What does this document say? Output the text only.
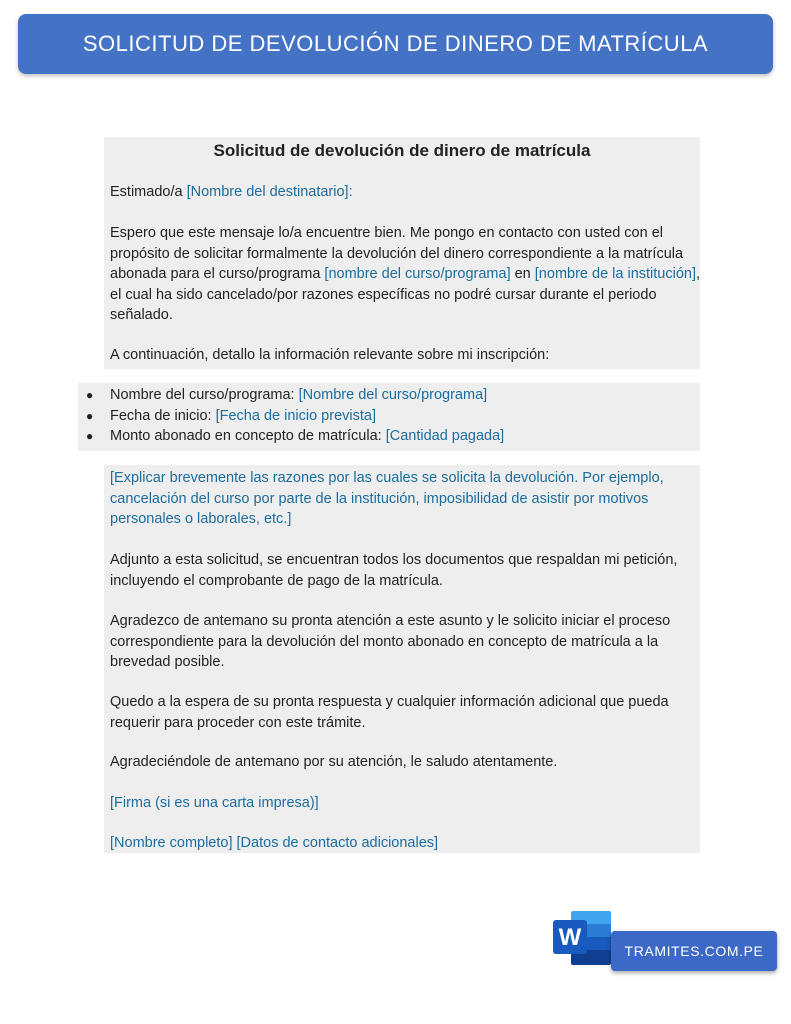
SOLICITUD DE DEVOLUCIÓN DE DINERO DE MATRÍCULA
Solicitud de devolución de dinero de matrícula

Estimado/a [Nombre del destinatario]:

Espero que este mensaje lo/a encuentre bien. Me pongo en contacto con usted con el propósito de solicitar formalmente la devolución del dinero correspondiente a la matrícula abonada para el curso/programa [nombre del curso/programa] en [nombre de la institución], el cual ha sido cancelado/por razones específicas no podré cursar durante el periodo señalado.

A continuación, detallo la información relevante sobre mi inscripción:

● Nombre del curso/programa: [Nombre del curso/programa]
● Fecha de inicio: [Fecha de inicio prevista]
● Monto abonado en concepto de matrícula: [Cantidad pagada]

[Explicar brevemente las razones por las cuales se solicita la devolución. Por ejemplo, cancelación del curso por parte de la institución, imposibilidad de asistir por motivos personales o laborales, etc.]

Adjunto a esta solicitud, se encuentran todos los documentos que respaldan mi petición, incluyendo el comprobante de pago de la matrícula.

Agradezco de antemano su pronta atención a este asunto y le solicito iniciar el proceso correspondiente para la devolución del monto abonado en concepto de matrícula a la brevedad posible.

Quedo a la espera de su pronta respuesta y cualquier información adicional que pueda requerir para proceder con este trámite.

Agradeciéndole de antemano por su atención, le saludo atentamente.

[Firma (si es una carta impresa)]

[Nombre completo] [Datos de contacto adicionales]

W	TRAMITES.COM.PE
